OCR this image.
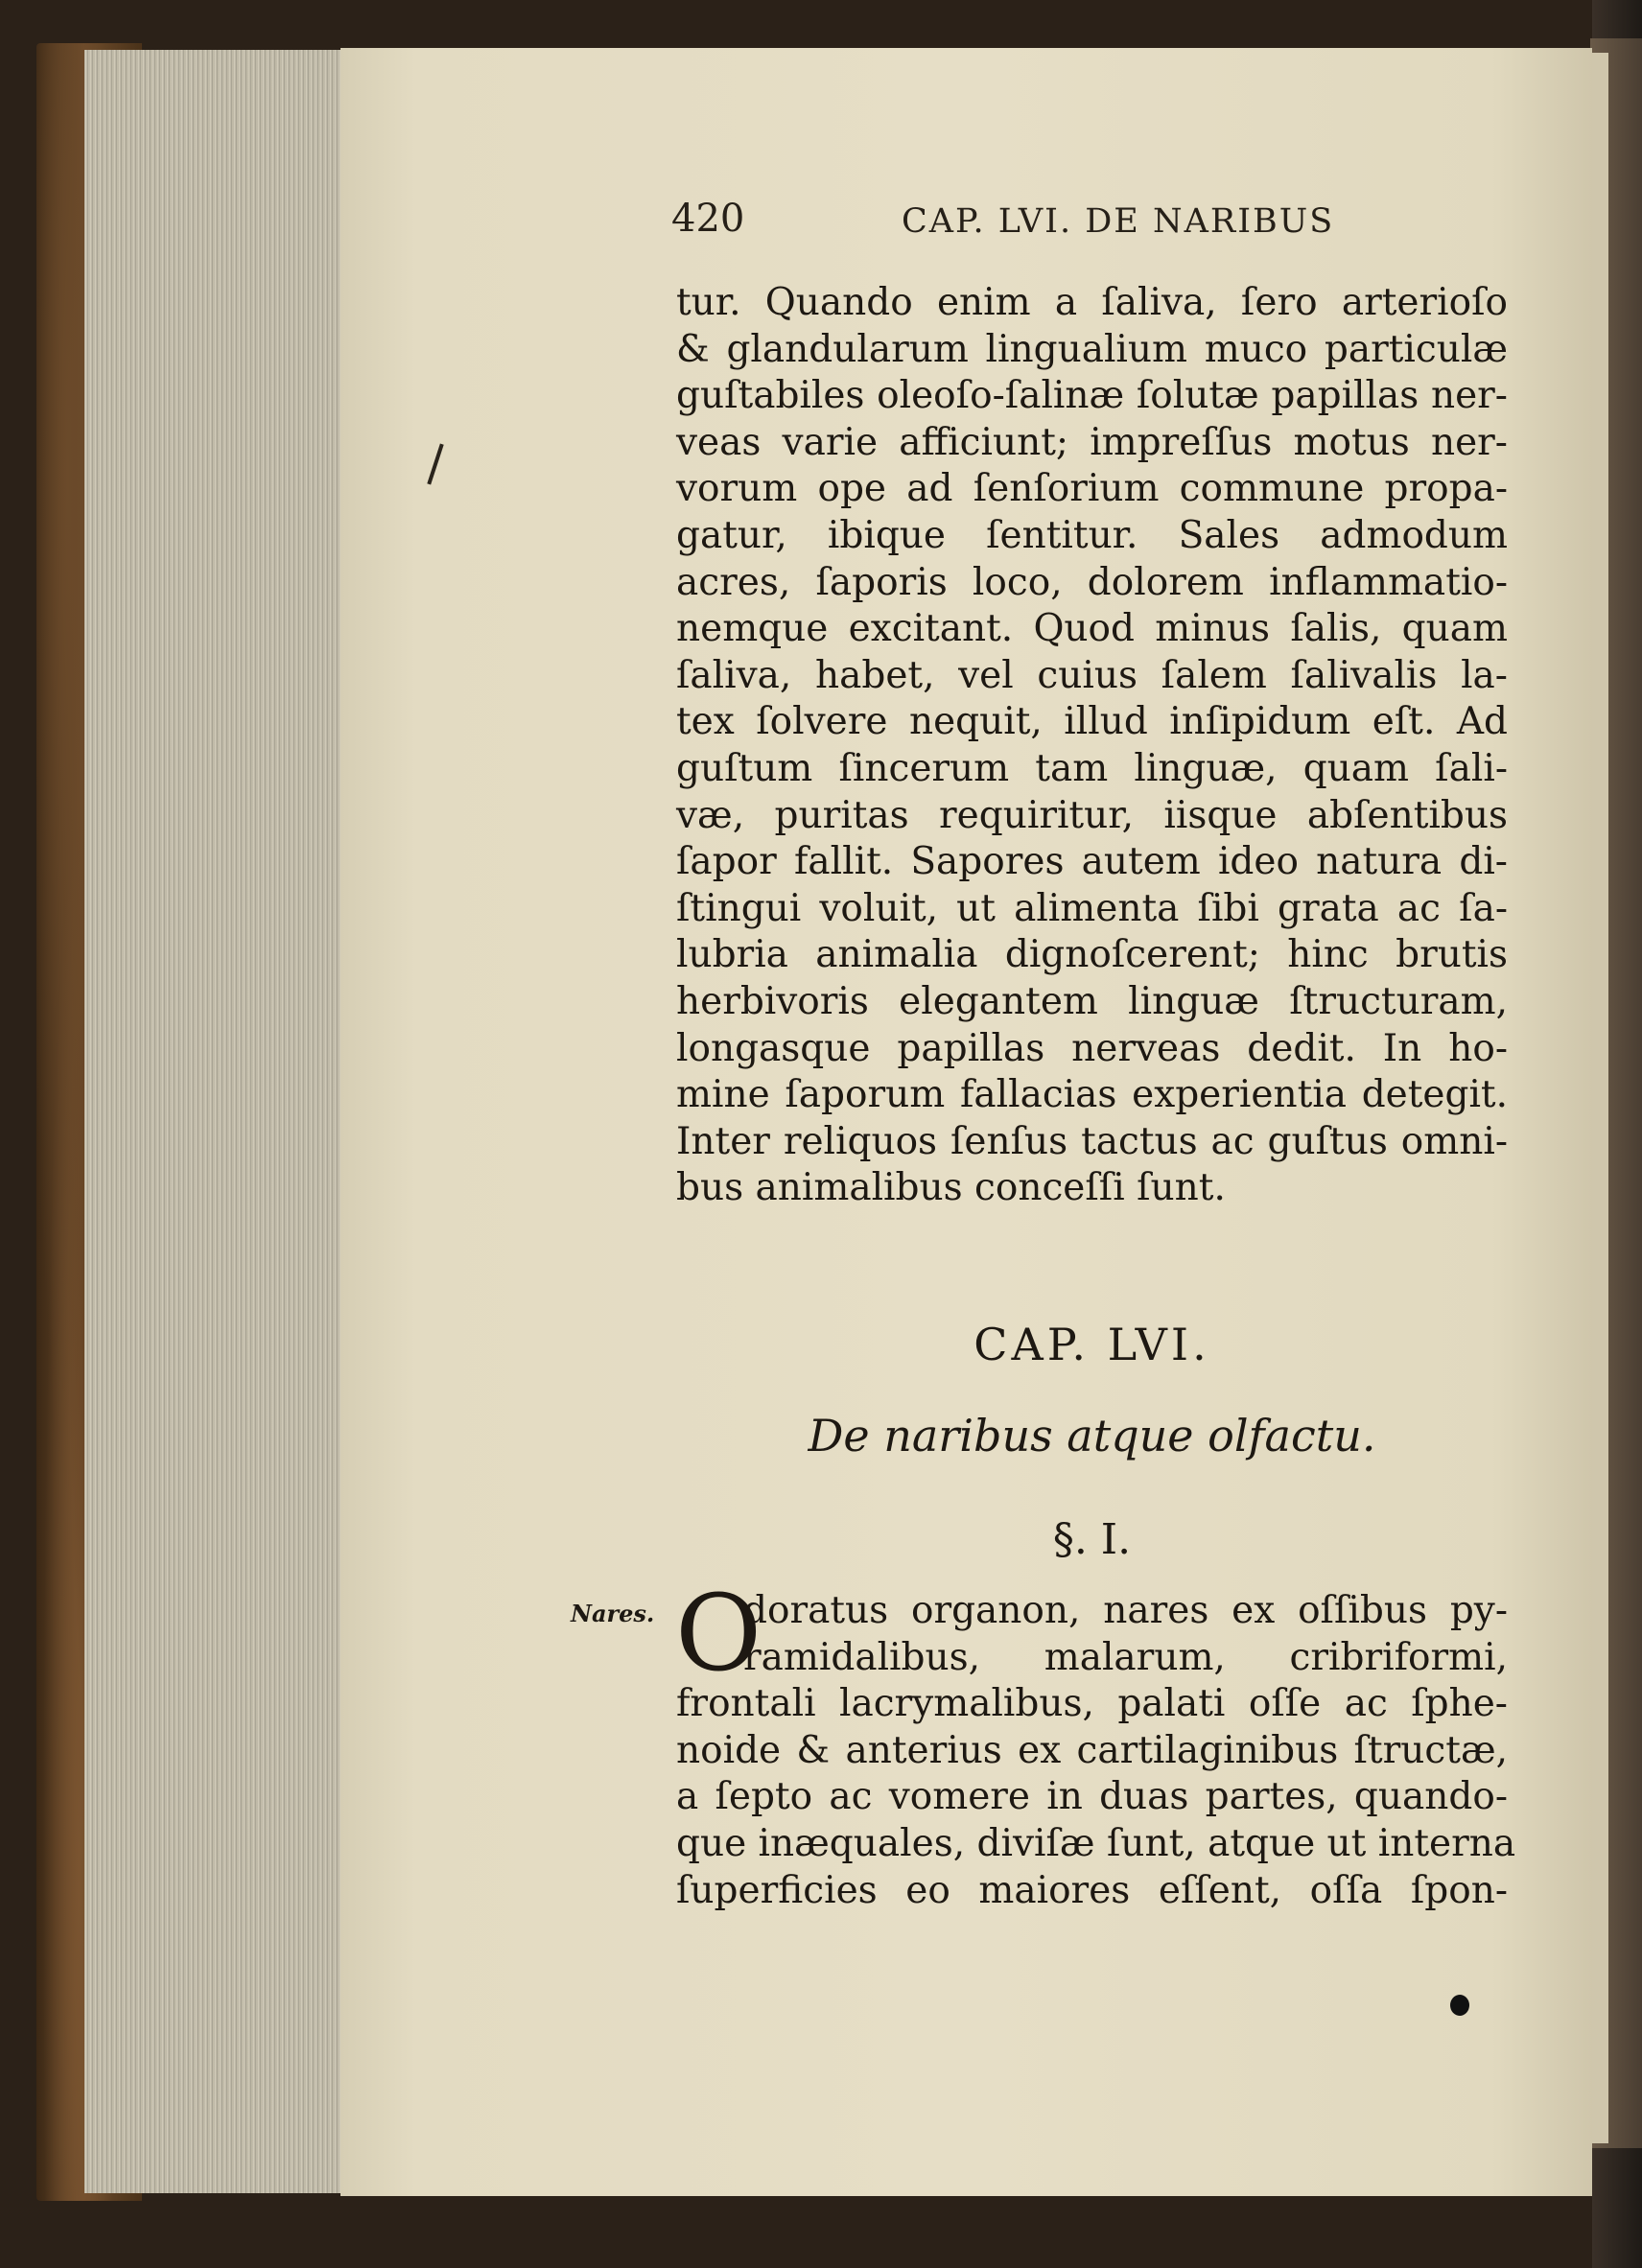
420	CAP. LVI. DE NARIBUS
tur. Quando enim a ſaliva, ſero arterioſo
& glandularum lingualium muco particulæ
guſtabiles oleoſo-ſalinæ ſolutæ papillas ner-
veas varie afficiunt; impreſſus motus ner-
vorum ope ad ſenſorium commune propa-
gatur, ibique ſentitur. Sales admodum
acres, ſaporis loco, dolorem inflammatio-
nemque excitant. Quod minus ſalis, quam
ſaliva, habet, vel cuius ſalem ſalivalis la-
tex ſolvere nequit, illud inſipidum eſt. Ad
guſtum ſincerum tam linguæ, quam ſali-
væ, puritas requiritur, iisque abſentibus
ſapor fallit. Sapores autem ideo natura di-
ſtingui voluit, ut alimenta ſibi grata ac ſa-
lubria animalia dignoſcerent; hinc brutis
herbivoris elegantem linguæ ſtructuram,
longasque papillas nerveas dedit. In ho-
mine ſaporum fallacias experientia detegit.
Inter reliquos ſenſus tactus ac guſtus omni-
bus animalibus conceſſi ſunt.
CAP. LVI.
De naribus atque olfactu.
§. I.
Nares. O
doratus organon, nares ex oſſibus py-
ramidalibus, malarum, cribriformi,
frontali lacrymalibus, palati oſſe ac ſphe-
noide & anterius ex cartilaginibus ſtructæ,
a ſepto ac vomere in duas partes, quando-
que inæquales, diviſæ ſunt, atque ut interna
ſuperficies eo maiores eſſent, oſſa ſpon-
